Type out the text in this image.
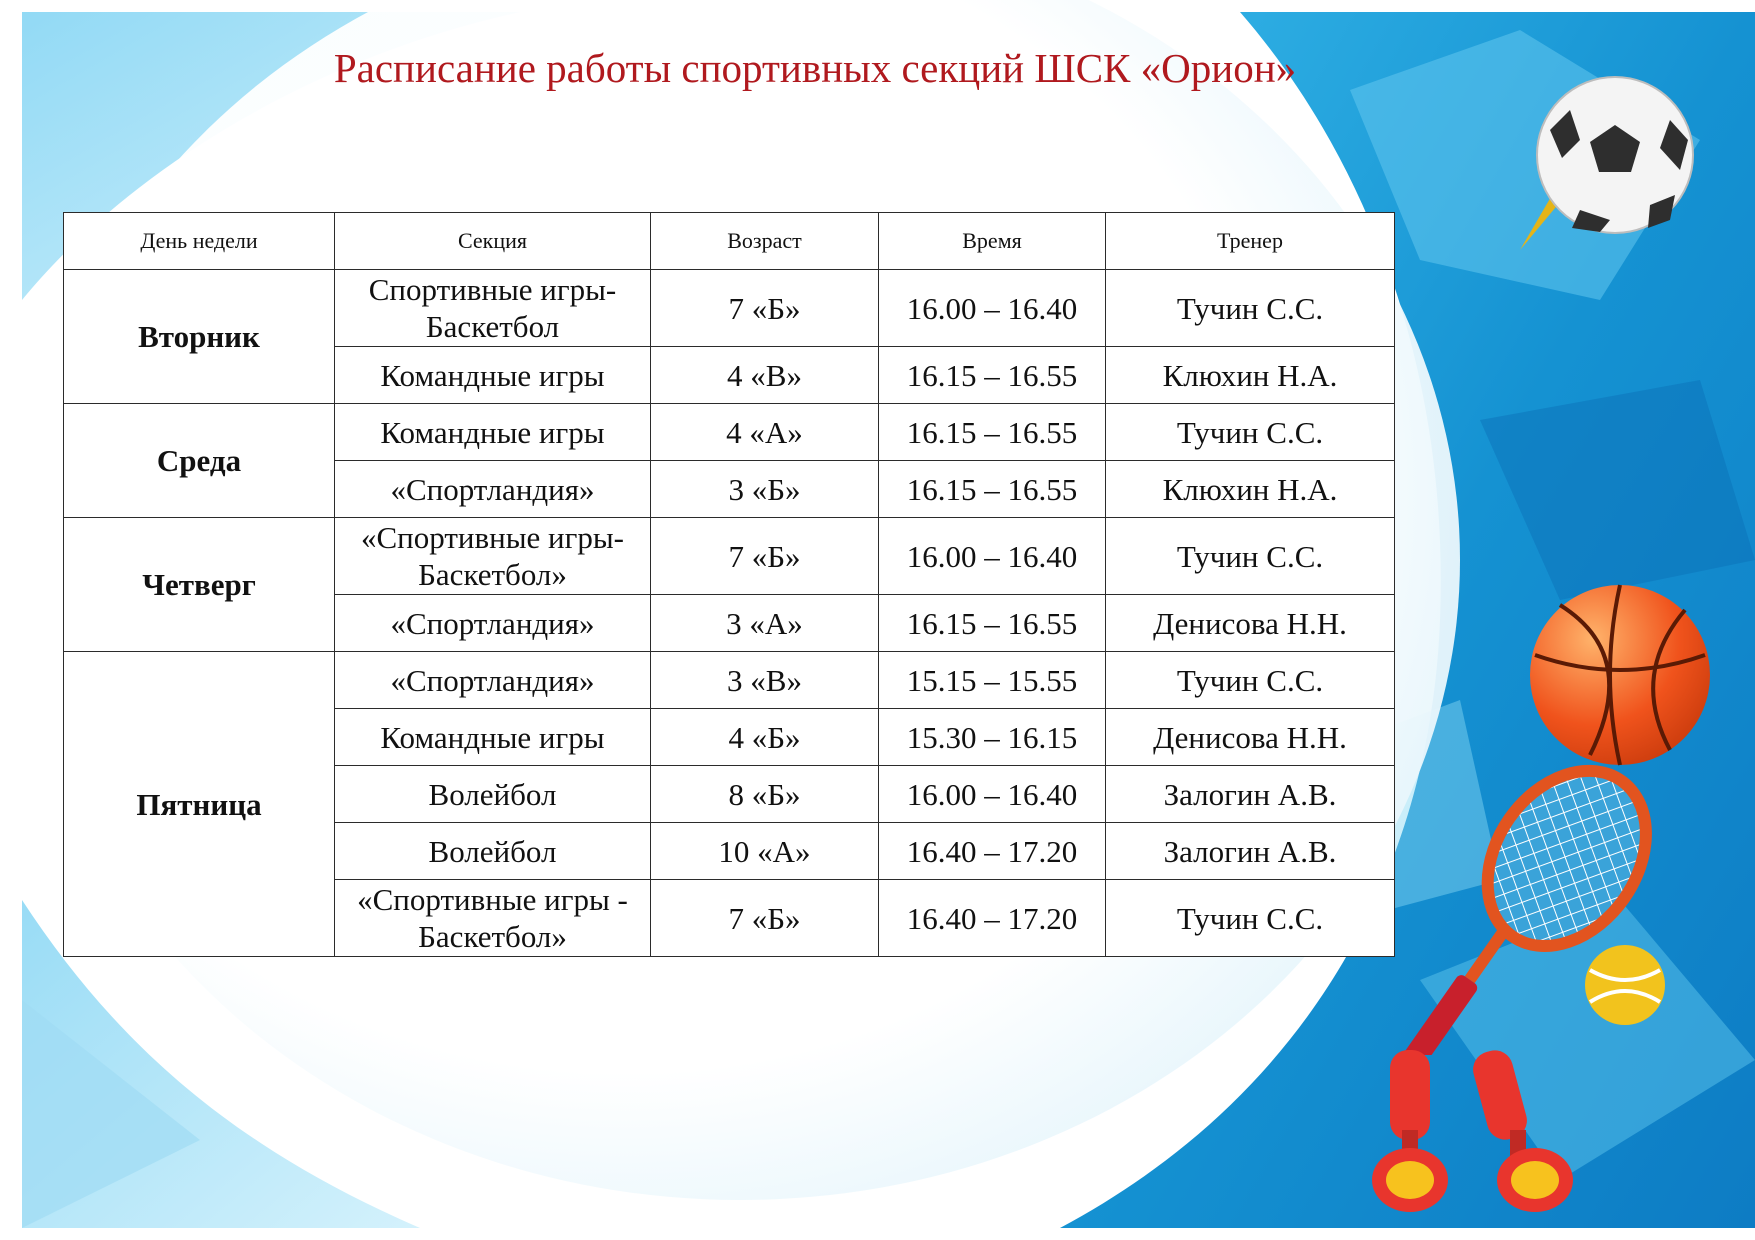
Расписание работы спортивных секций ШСК «Орион»
День недели	Секция	Возраст	Время	Тренер
Вторник	Спортивные игры-Баскетбол	7 «Б»	16.00 – 16.40	Тучин С.С.
	Командные игры	4 «В»	16.15 – 16.55	Клюхин Н.А.
Среда	Командные игры	4 «А»	16.15 – 16.55	Тучин С.С.
	«Спортландия»	3 «Б»	16.15 – 16.55	Клюхин Н.А.
Четверг	«Спортивные игры-Баскетбол»	7 «Б»	16.00 – 16.40	Тучин С.С.
	«Спортландия»	3 «А»	16.15 – 16.55	Денисова Н.Н.
Пятница	«Спортландия»	3 «В»	15.15 – 15.55	Тучин С.С.
	Командные игры	4 «Б»	15.30 – 16.15	Денисова Н.Н.
	Волейбол	8 «Б»	16.00 – 16.40	Залогин А.В.
	Волейбол	10 «А»	16.40 – 17.20	Залогин А.В.
	«Спортивные игры - Баскетбол»	7 «Б»	16.40 – 17.20	Тучин С.С.
